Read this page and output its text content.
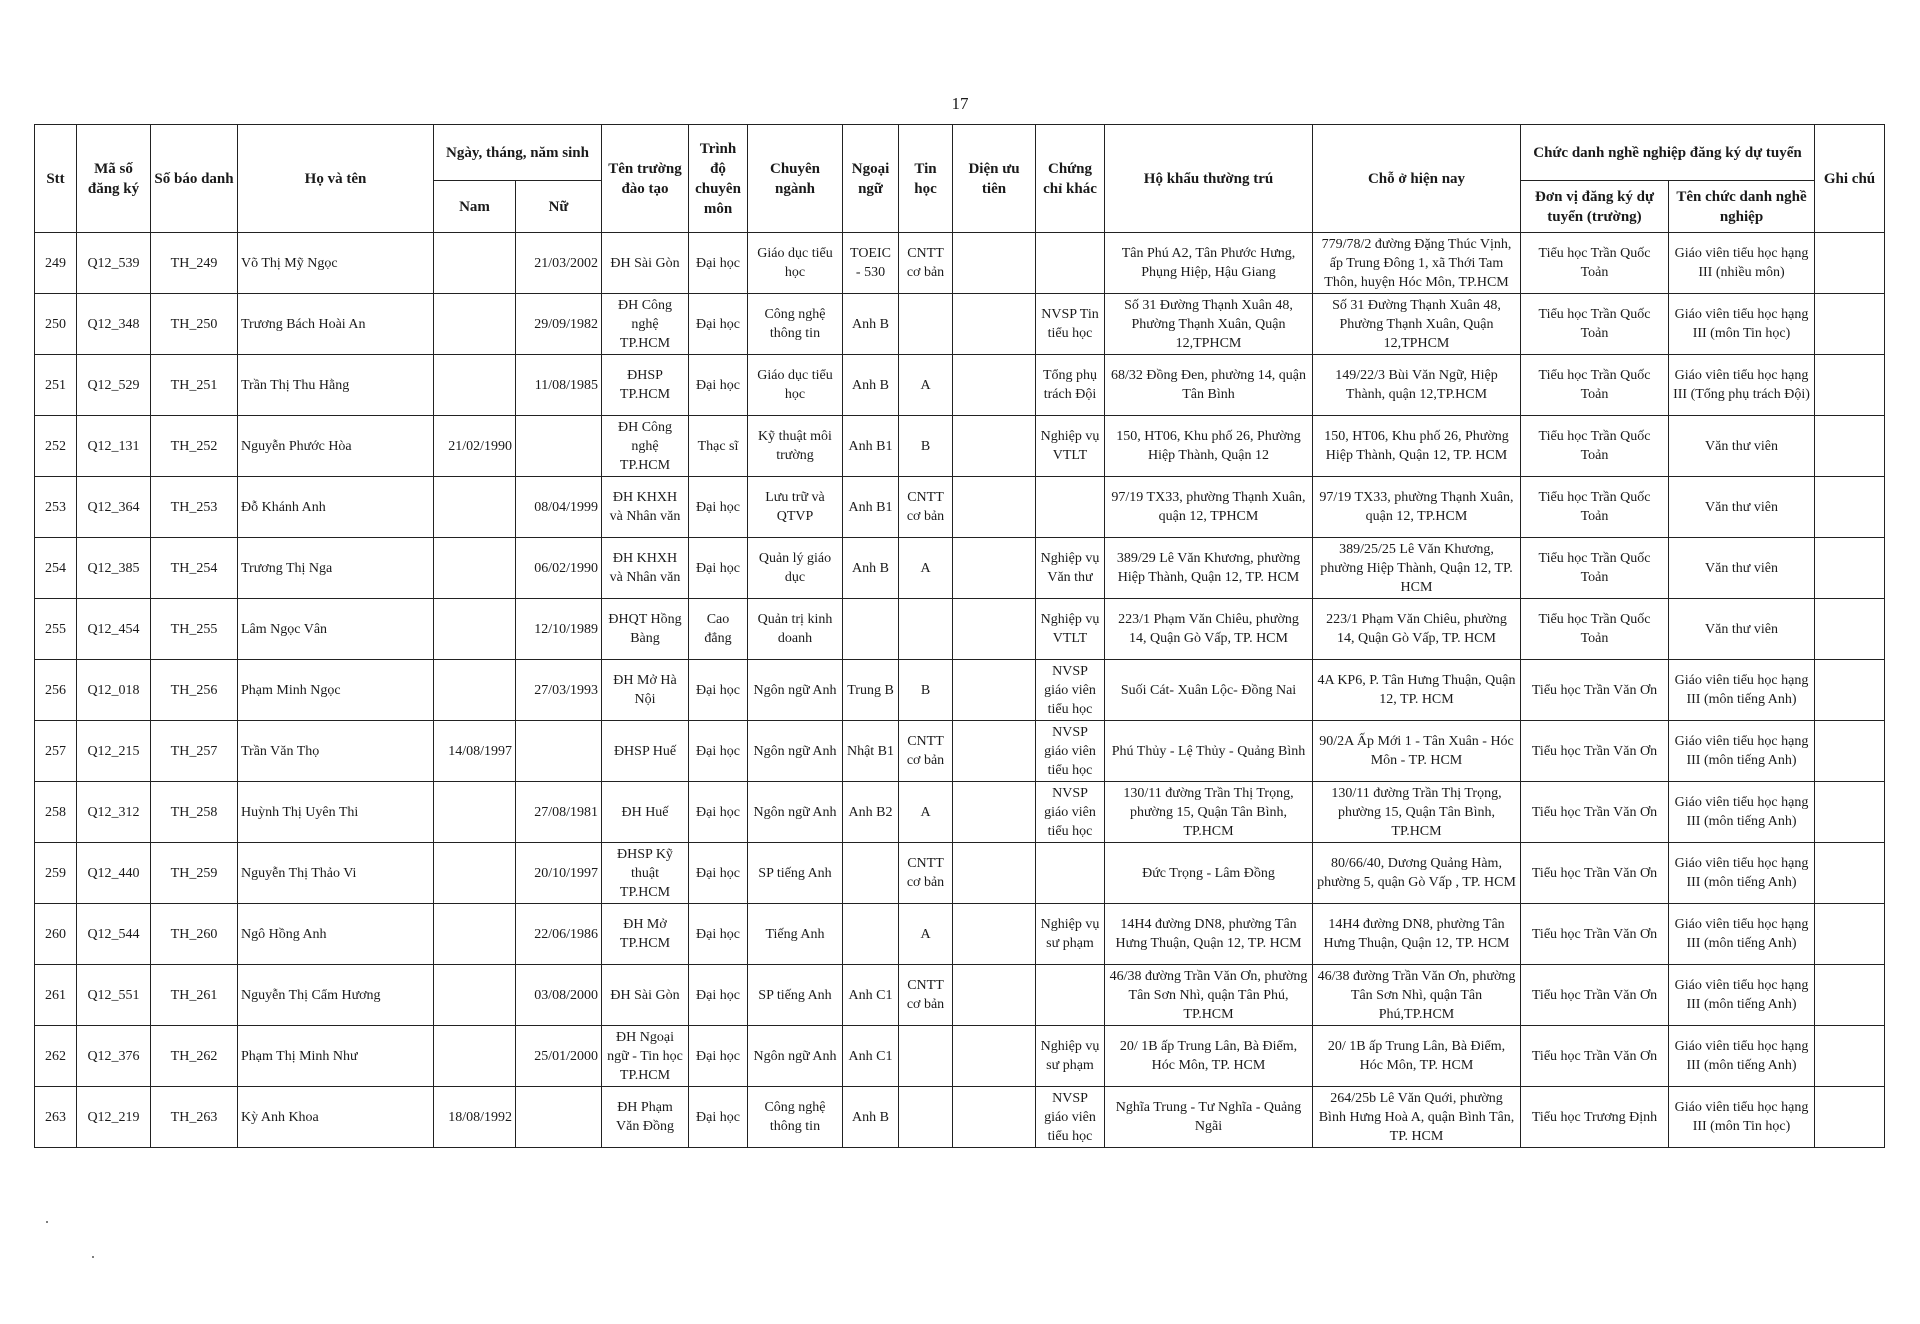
17
Stt	Mã số đăng ký	Số báo danh	Họ và tên	Ngày, tháng, năm sinh		Tên trường đào tạo	Trình độ chuyên môn	Chuyên ngành	Ngoại ngữ	Tin học	Diện ưu tiên	Chứng chỉ khác	Hộ khẩu thường trú	Chỗ ở hiện nay	Chức danh nghề nghiệp đăng ký dự tuyển		Ghi chú
				Nam	Nữ										Đơn vị đăng ký dự tuyển (trường)	Tên chức danh nghề nghiệp	
249	Q12_539	TH_249	Võ Thị Mỹ Ngọc		21/03/2002	ĐH Sài Gòn	Đại học	Giáo dục tiểu học	TOEIC - 530	CNTT cơ bản			Tân Phú A2, Tân Phước Hưng, Phụng Hiệp, Hậu Giang	779/78/2 đường Đặng Thúc Vịnh, ấp Trung Đông 1, xã Thới Tam Thôn, huyện Hóc Môn, TP.HCM	Tiểu học Trần Quốc Toản	Giáo viên tiểu học hạng III (nhiều môn)	
250	Q12_348	TH_250	Trương Bách Hoài An		29/09/1982	ĐH Công nghệ TP.HCM	Đại học	Công nghệ thông tin	Anh B			NVSP Tin tiểu học	Số 31 Đường Thạnh Xuân 48, Phường Thạnh Xuân, Quận 12,TPHCM	Số 31 Đường Thạnh Xuân 48, Phường Thạnh Xuân, Quận 12,TPHCM	Tiểu học Trần Quốc Toản	Giáo viên tiểu học hạng III (môn Tin học)	
251	Q12_529	TH_251	Trần Thị Thu Hằng		11/08/1985	ĐHSP TP.HCM	Đại học	Giáo dục tiểu học	Anh B	A		Tổng phụ trách Đội	68/32 Đồng Đen, phường 14, quận Tân Bình	149/22/3 Bùi Văn Ngữ, Hiệp Thành, quận 12,TP.HCM	Tiểu học Trần Quốc Toản	Giáo viên tiểu học hạng III (Tổng phụ trách Đội)	
252	Q12_131	TH_252	Nguyễn Phước Hòa	21/02/1990		ĐH Công nghệ TP.HCM	Thạc sĩ	Kỹ thuật môi trường	Anh B1	B		Nghiệp vụ VTLT	150, HT06, Khu phố 26, Phường Hiệp Thành, Quận 12	150, HT06, Khu phố 26, Phường Hiệp Thành, Quận 12, TP. HCM	Tiểu học Trần Quốc Toản	Văn thư viên	
253	Q12_364	TH_253	Đỗ Khánh Anh		08/04/1999	ĐH KHXH và Nhân văn	Đại học	Lưu trữ và QTVP	Anh B1	CNTT cơ bản			97/19 TX33, phường Thạnh Xuân, quận 12, TPHCM	97/19 TX33, phường Thạnh Xuân, quận 12, TP.HCM	Tiểu học Trần Quốc Toản	Văn thư viên	
254	Q12_385	TH_254	Trương Thị Nga		06/02/1990	ĐH KHXH và Nhân văn	Đại học	Quản lý giáo dục	Anh B	A		Nghiệp vụ Văn thư	389/29 Lê Văn Khương, phường Hiệp Thành, Quận 12, TP. HCM	389/25/25 Lê Văn Khương, phường Hiệp Thành, Quận 12, TP. HCM	Tiểu học Trần Quốc Toản	Văn thư viên	
255	Q12_454	TH_255	Lâm Ngọc Vân		12/10/1989	ĐHQT Hồng Bàng	Cao đẳng	Quản trị kinh doanh				Nghiệp vụ VTLT	223/1 Phạm Văn Chiêu, phường 14, Quận Gò Vấp, TP. HCM	223/1 Phạm Văn Chiêu, phường 14, Quận Gò Vấp, TP. HCM	Tiểu học Trần Quốc Toản	Văn thư viên	
256	Q12_018	TH_256	Phạm Minh Ngọc		27/03/1993	ĐH Mở Hà Nội	Đại học	Ngôn ngữ Anh	Trung B	B		NVSP giáo viên tiểu học	Suối Cát- Xuân Lộc- Đồng Nai	4A KP6, P. Tân Hưng Thuận, Quận 12, TP. HCM	Tiểu học Trần Văn Ơn	Giáo viên tiểu học hạng III (môn tiếng Anh)	
257	Q12_215	TH_257	Trần Văn Thọ	14/08/1997		ĐHSP Huế	Đại học	Ngôn ngữ Anh	Nhật B1	CNTT cơ bản		NVSP giáo viên tiểu học	Phú Thủy - Lệ Thủy - Quảng Bình	90/2A Ấp Mới 1 - Tân Xuân - Hóc Môn - TP. HCM	Tiểu học Trần Văn Ơn	Giáo viên tiểu học hạng III (môn tiếng Anh)	
258	Q12_312	TH_258	Huỳnh Thị Uyên Thi		27/08/1981	ĐH Huế	Đại học	Ngôn ngữ Anh	Anh B2	A		NVSP giáo viên tiểu học	130/11 đường Trần Thị Trọng, phường 15, Quận Tân Bình, TP.HCM	130/11 đường Trần Thị Trọng, phường 15, Quận Tân Bình, TP.HCM	Tiểu học Trần Văn Ơn	Giáo viên tiểu học hạng III (môn tiếng Anh)	
259	Q12_440	TH_259	Nguyễn Thị Thảo Vi		20/10/1997	ĐHSP Kỹ thuật TP.HCM	Đại học	SP tiếng Anh		CNTT cơ bản			Đức Trọng - Lâm Đồng	80/66/40, Dương Quảng Hàm, phường 5, quận Gò Vấp , TP. HCM	Tiểu học Trần Văn Ơn	Giáo viên tiểu học hạng III (môn tiếng Anh)	
260	Q12_544	TH_260	Ngô Hồng Anh		22/06/1986	ĐH Mở TP.HCM	Đại học	Tiếng Anh		A		Nghiệp vụ sư phạm	14H4 đường DN8, phường Tân Hưng Thuận, Quận 12, TP. HCM	14H4 đường DN8, phường Tân Hưng Thuận, Quận 12, TP. HCM	Tiểu học Trần Văn Ơn	Giáo viên tiểu học hạng III (môn tiếng Anh)	
261	Q12_551	TH_261	Nguyễn Thị Cẩm Hương		03/08/2000	ĐH Sài Gòn	Đại học	SP tiếng Anh	Anh C1	CNTT cơ bản			46/38 đường Trần Văn Ơn, phường Tân Sơn Nhì, quận Tân Phú, TP.HCM	46/38 đường Trần Văn Ơn, phường Tân Sơn Nhì, quận Tân Phú,TP.HCM	Tiểu học Trần Văn Ơn	Giáo viên tiểu học hạng III (môn tiếng Anh)	
262	Q12_376	TH_262	Phạm Thị Minh Như		25/01/2000	ĐH Ngoại ngữ - Tin học TP.HCM	Đại học	Ngôn ngữ Anh	Anh C1			Nghiệp vụ sư phạm	20/ 1B ấp Trung Lân, Bà Điểm, Hóc Môn, TP. HCM	20/ 1B ấp Trung Lân, Bà Điểm, Hóc Môn, TP. HCM	Tiểu học Trần Văn Ơn	Giáo viên tiểu học hạng III (môn tiếng Anh)	
263	Q12_219	TH_263	Kỳ Anh Khoa	18/08/1992		ĐH Phạm Văn Đồng	Đại học	Công nghệ thông tin	Anh B			NVSP giáo viên tiểu học	Nghĩa Trung - Tư Nghĩa - Quảng Ngãi	264/25b Lê Văn Quới, phường Bình Hưng Hoà A, quận Bình Tân, TP. HCM	Tiểu học Trương Định	Giáo viên tiểu học hạng III (môn Tin học)	
